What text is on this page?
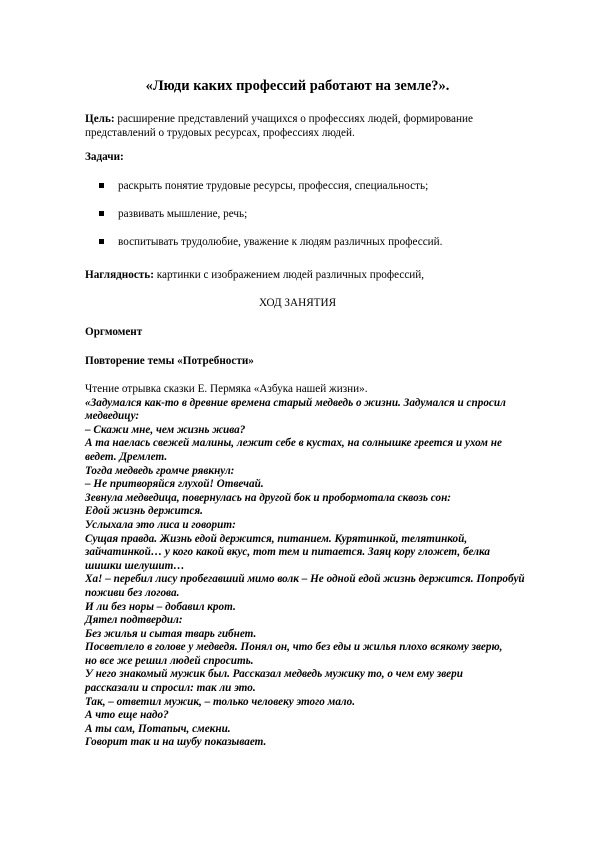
«Люди каких профессий работают на земле?».

Цель: расширение представлений учащихся о профессиях людей, формирование
представлений о трудовых ресурсах, профессиях людей.

Задачи:

раскрыть понятие трудовые ресурсы, профессия, специальность;
развивать мышление, речь;
воспитывать трудолюбие, уважение к людям различных профессий.

Наглядность: картинки с изображением людей различных профессий,

ХОД ЗАНЯТИЯ

Оргмомент

Повторение темы «Потребности»

Чтение отрывка сказки Е. Пермяка «Азбука нашей жизни».
«Задумался как-то в древние времена старый медведь о жизни. Задумался и спросил
медведицу:
– Скажи мне, чем жизнь жива?
А та наелась свежей малины, лежит себе в кустах, на солнышке греется и ухом не
ведет. Дремлет.
Тогда медведь громче рявкнул:
– Не притворяйся глухой! Отвечай.
Зевнула медведица, повернулась на другой бок и пробормотала сквозь сон:
Едой жизнь держится.
Услыхала это лиса и говорит:
Сущая правда. Жизнь едой держится, питанием. Курятинкой, телятинкой,
зайчатинкой… у кого какой вкус, тот тем и питается. Заяц кору гложет, белка
шишки шелушит…
Ха! – перебил лису пробегавший мимо волк – Не одной едой жизнь держится. Попробуй
поживи без логова.
И ли без норы – добавил крот.
Дятел подтвердил:
Без жилья и сытая тварь гибнет.
Посветлело в голове у медведя. Понял он, что без еды и жилья плохо всякому зверю,
но все же решил людей спросить.
У него знакомый мужик был. Рассказал медведь мужику то, о чем ему звери
рассказали и спросил: так ли это.
Так, – ответил мужик, – только человеку этого мало.
А что еще надо?
А ты сам, Потапыч, смекни.
Говорит так и на шубу показывает.
